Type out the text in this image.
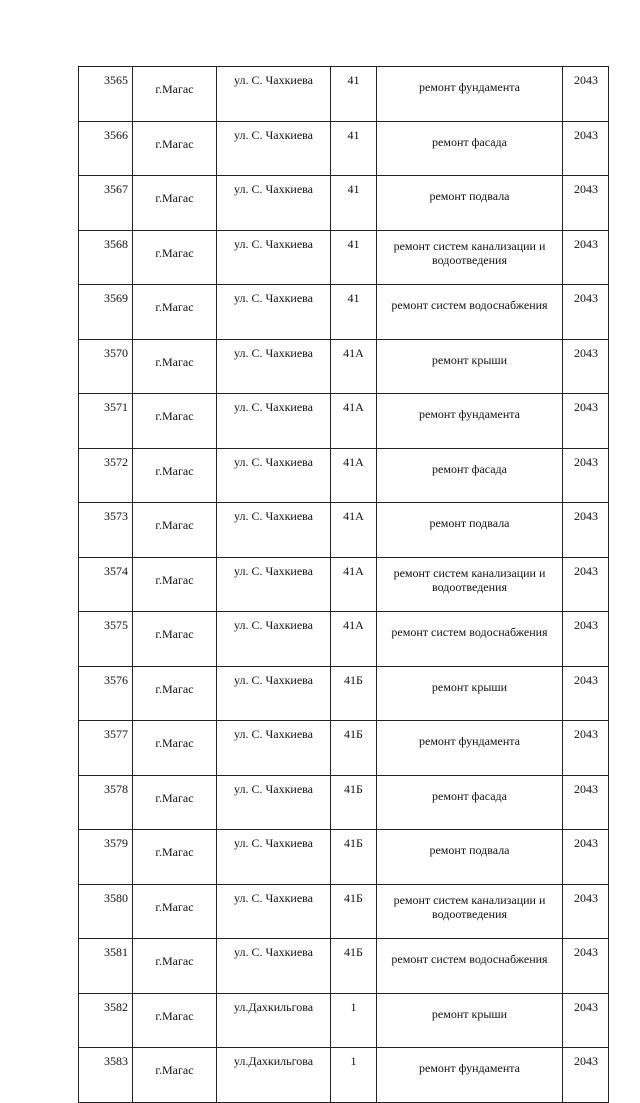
3565	г.Магас	ул. С. Чахкиева	41	ремонт фундамента	2043
3566	г.Магас	ул. С. Чахкиева	41	ремонт фасада	2043
3567	г.Магас	ул. С. Чахкиева	41	ремонт подвала	2043
3568	г.Магас	ул. С. Чахкиева	41	ремонт систем канализации и водоотведения	2043
3569	г.Магас	ул. С. Чахкиева	41	ремонт систем водоснабжения	2043
3570	г.Магас	ул. С. Чахкиева	41А	ремонт крыши	2043
3571	г.Магас	ул. С. Чахкиева	41А	ремонт фундамента	2043
3572	г.Магас	ул. С. Чахкиева	41А	ремонт фасада	2043
3573	г.Магас	ул. С. Чахкиева	41А	ремонт подвала	2043
3574	г.Магас	ул. С. Чахкиева	41А	ремонт систем канализации и водоотведения	2043
3575	г.Магас	ул. С. Чахкиева	41А	ремонт систем водоснабжения	2043
3576	г.Магас	ул. С. Чахкиева	41Б	ремонт крыши	2043
3577	г.Магас	ул. С. Чахкиева	41Б	ремонт фундамента	2043
3578	г.Магас	ул. С. Чахкиева	41Б	ремонт фасада	2043
3579	г.Магас	ул. С. Чахкиева	41Б	ремонт подвала	2043
3580	г.Магас	ул. С. Чахкиева	41Б	ремонт систем канализации и водоотведения	2043
3581	г.Магас	ул. С. Чахкиева	41Б	ремонт систем водоснабжения	2043
3582	г.Магас	ул.Дахкильгова	1	ремонт крыши	2043
3583	г.Магас	ул.Дахкильгова	1	ремонт фундамента	2043
